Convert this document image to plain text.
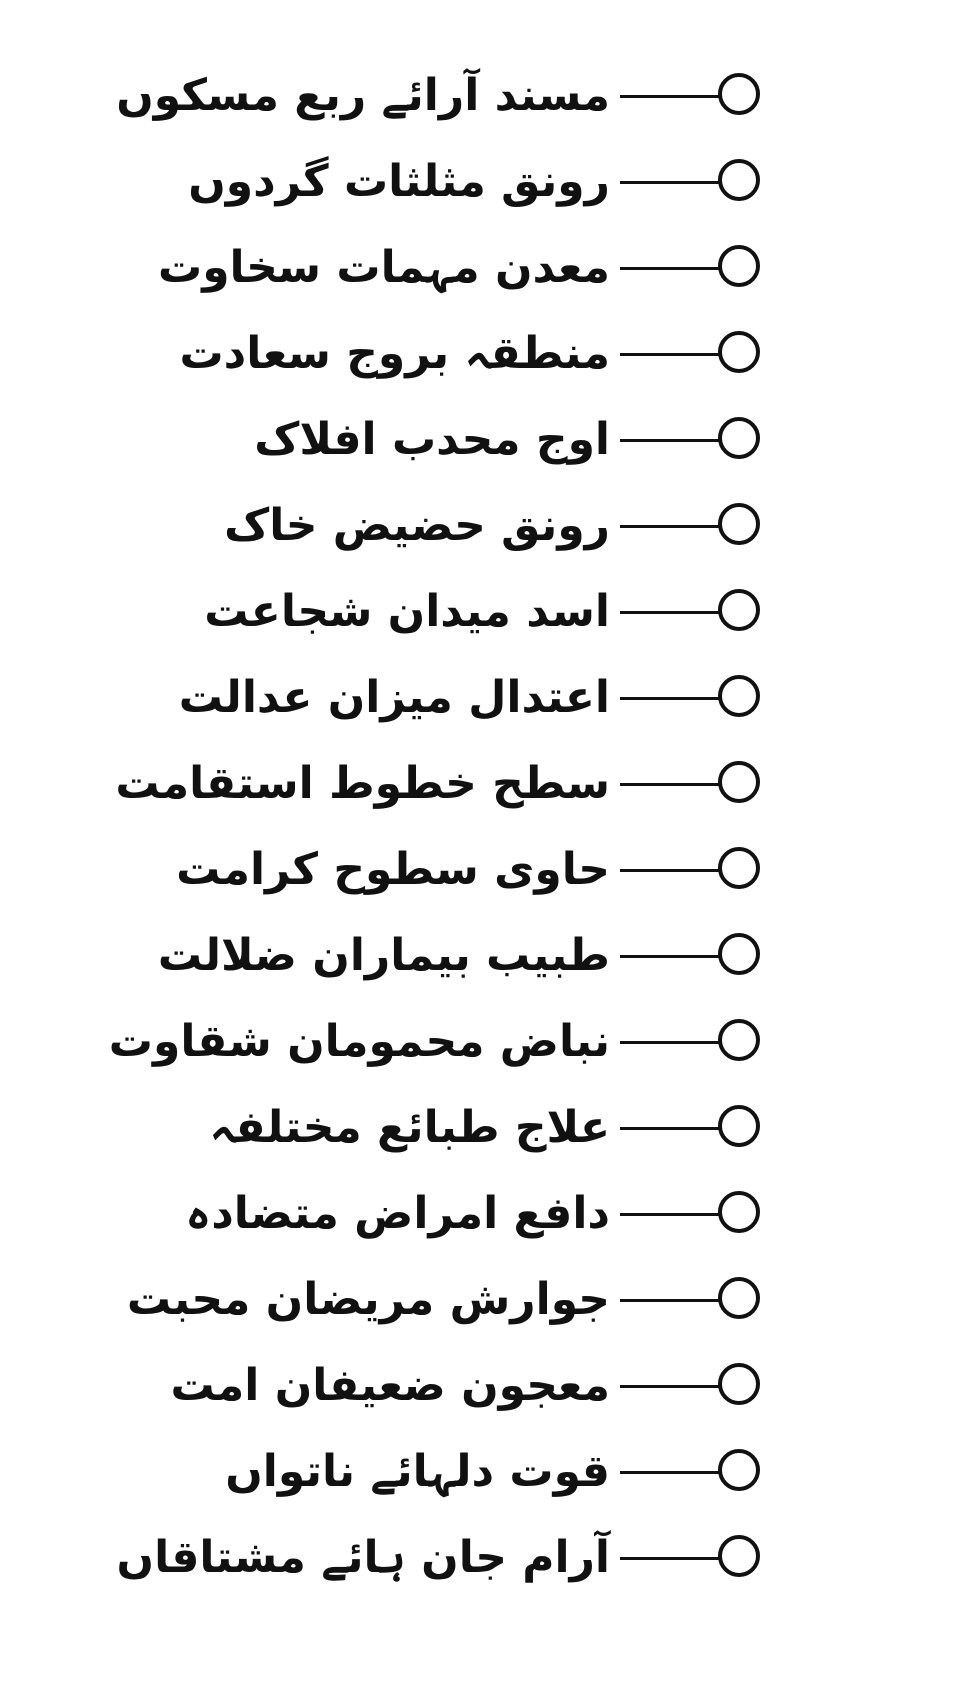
مسند آرائے ربع مسکوں
رونق مثلثات گردوں
معدن مہمات سخاوت
منطقہ بروج سعادت
اوج محدب افلاک
رونق حضیض خاک
اسد میدان شجاعت
اعتدال میزان عدالت
سطح خطوط استقامت
حاوی سطوح کرامت
طبیب بیماران ضلالت
نباض محمومان شقاوت
علاج طبائع مختلفہ
دافع امراض متضادہ
جوارش مریضان محبت
معجون ضعیفان امت
قوت دلہائے ناتواں
آرام جان ہائے مشتاقاں
